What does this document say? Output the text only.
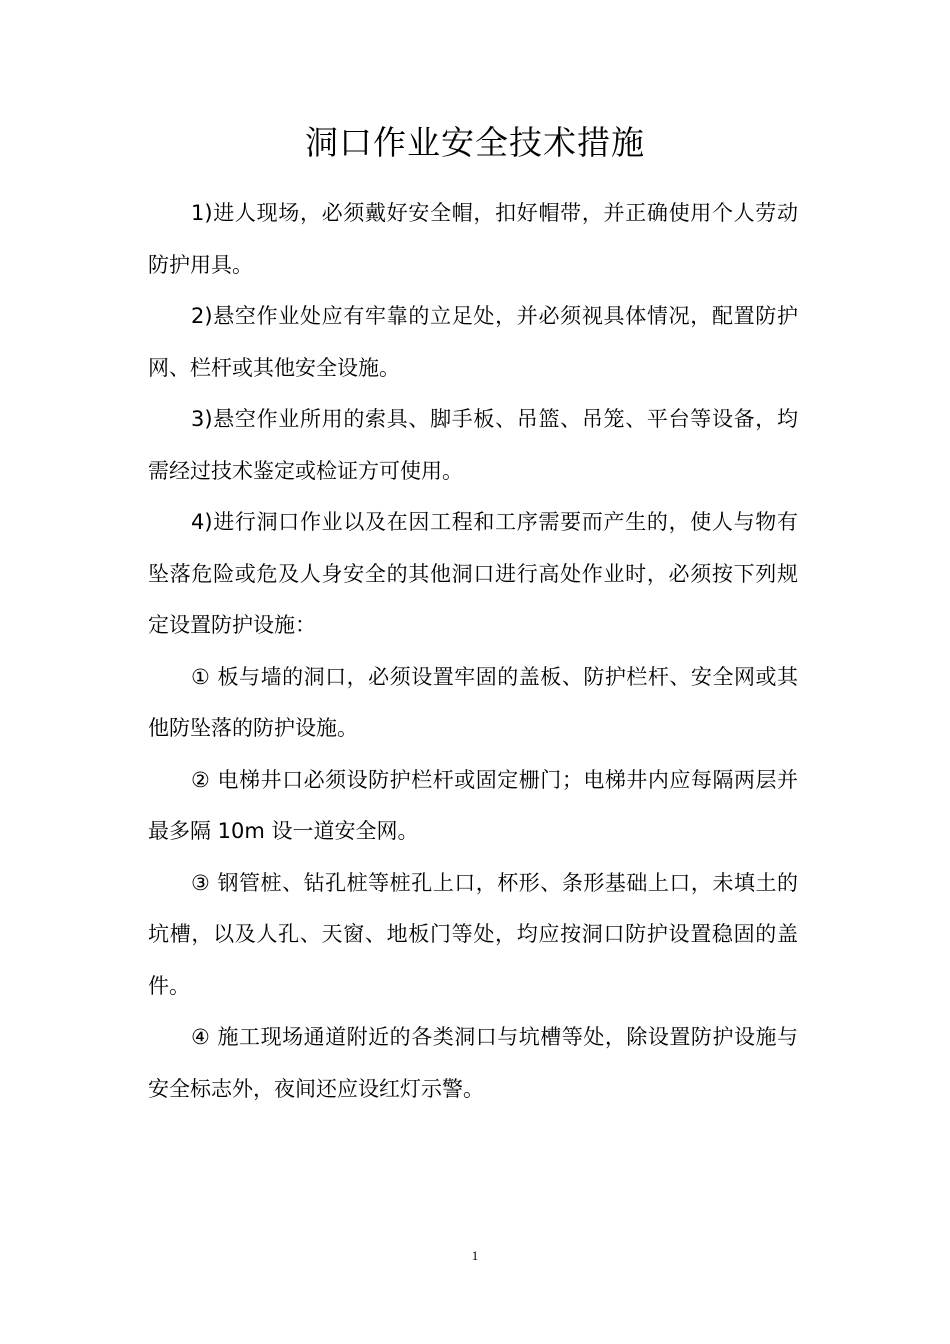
洞口作业安全技术措施

1)进人现场，必须戴好安全帽，扣好帽带，并正确使用个人劳动防护用具。

2)悬空作业处应有牢靠的立足处，并必须视具体情况，配置防护网、栏杆或其他安全设施。

3)悬空作业所用的索具、脚手板、吊篮、吊笼、平台等设备，均需经过技术鉴定或检证方可使用。

4)进行洞口作业以及在因工程和工序需要而产生的，使人与物有坠落危险或危及人身安全的其他洞口进行高处作业时，必须按下列规定设置防护设施：

① 板与墙的洞口，必须设置牢固的盖板、防护栏杆、安全网或其他防坠落的防护设施。

② 电梯井口必须设防护栏杆或固定栅门；电梯井内应每隔两层并最多隔 10m 设一道安全网。

③ 钢管桩、钻孔桩等桩孔上口，杯形、条形基础上口，未填土的坑槽，以及人孔、天窗、地板门等处，均应按洞口防护设置稳固的盖件。

④ 施工现场通道附近的各类洞口与坑槽等处，除设置防护设施与安全标志外，夜间还应设红灯示警。

1
